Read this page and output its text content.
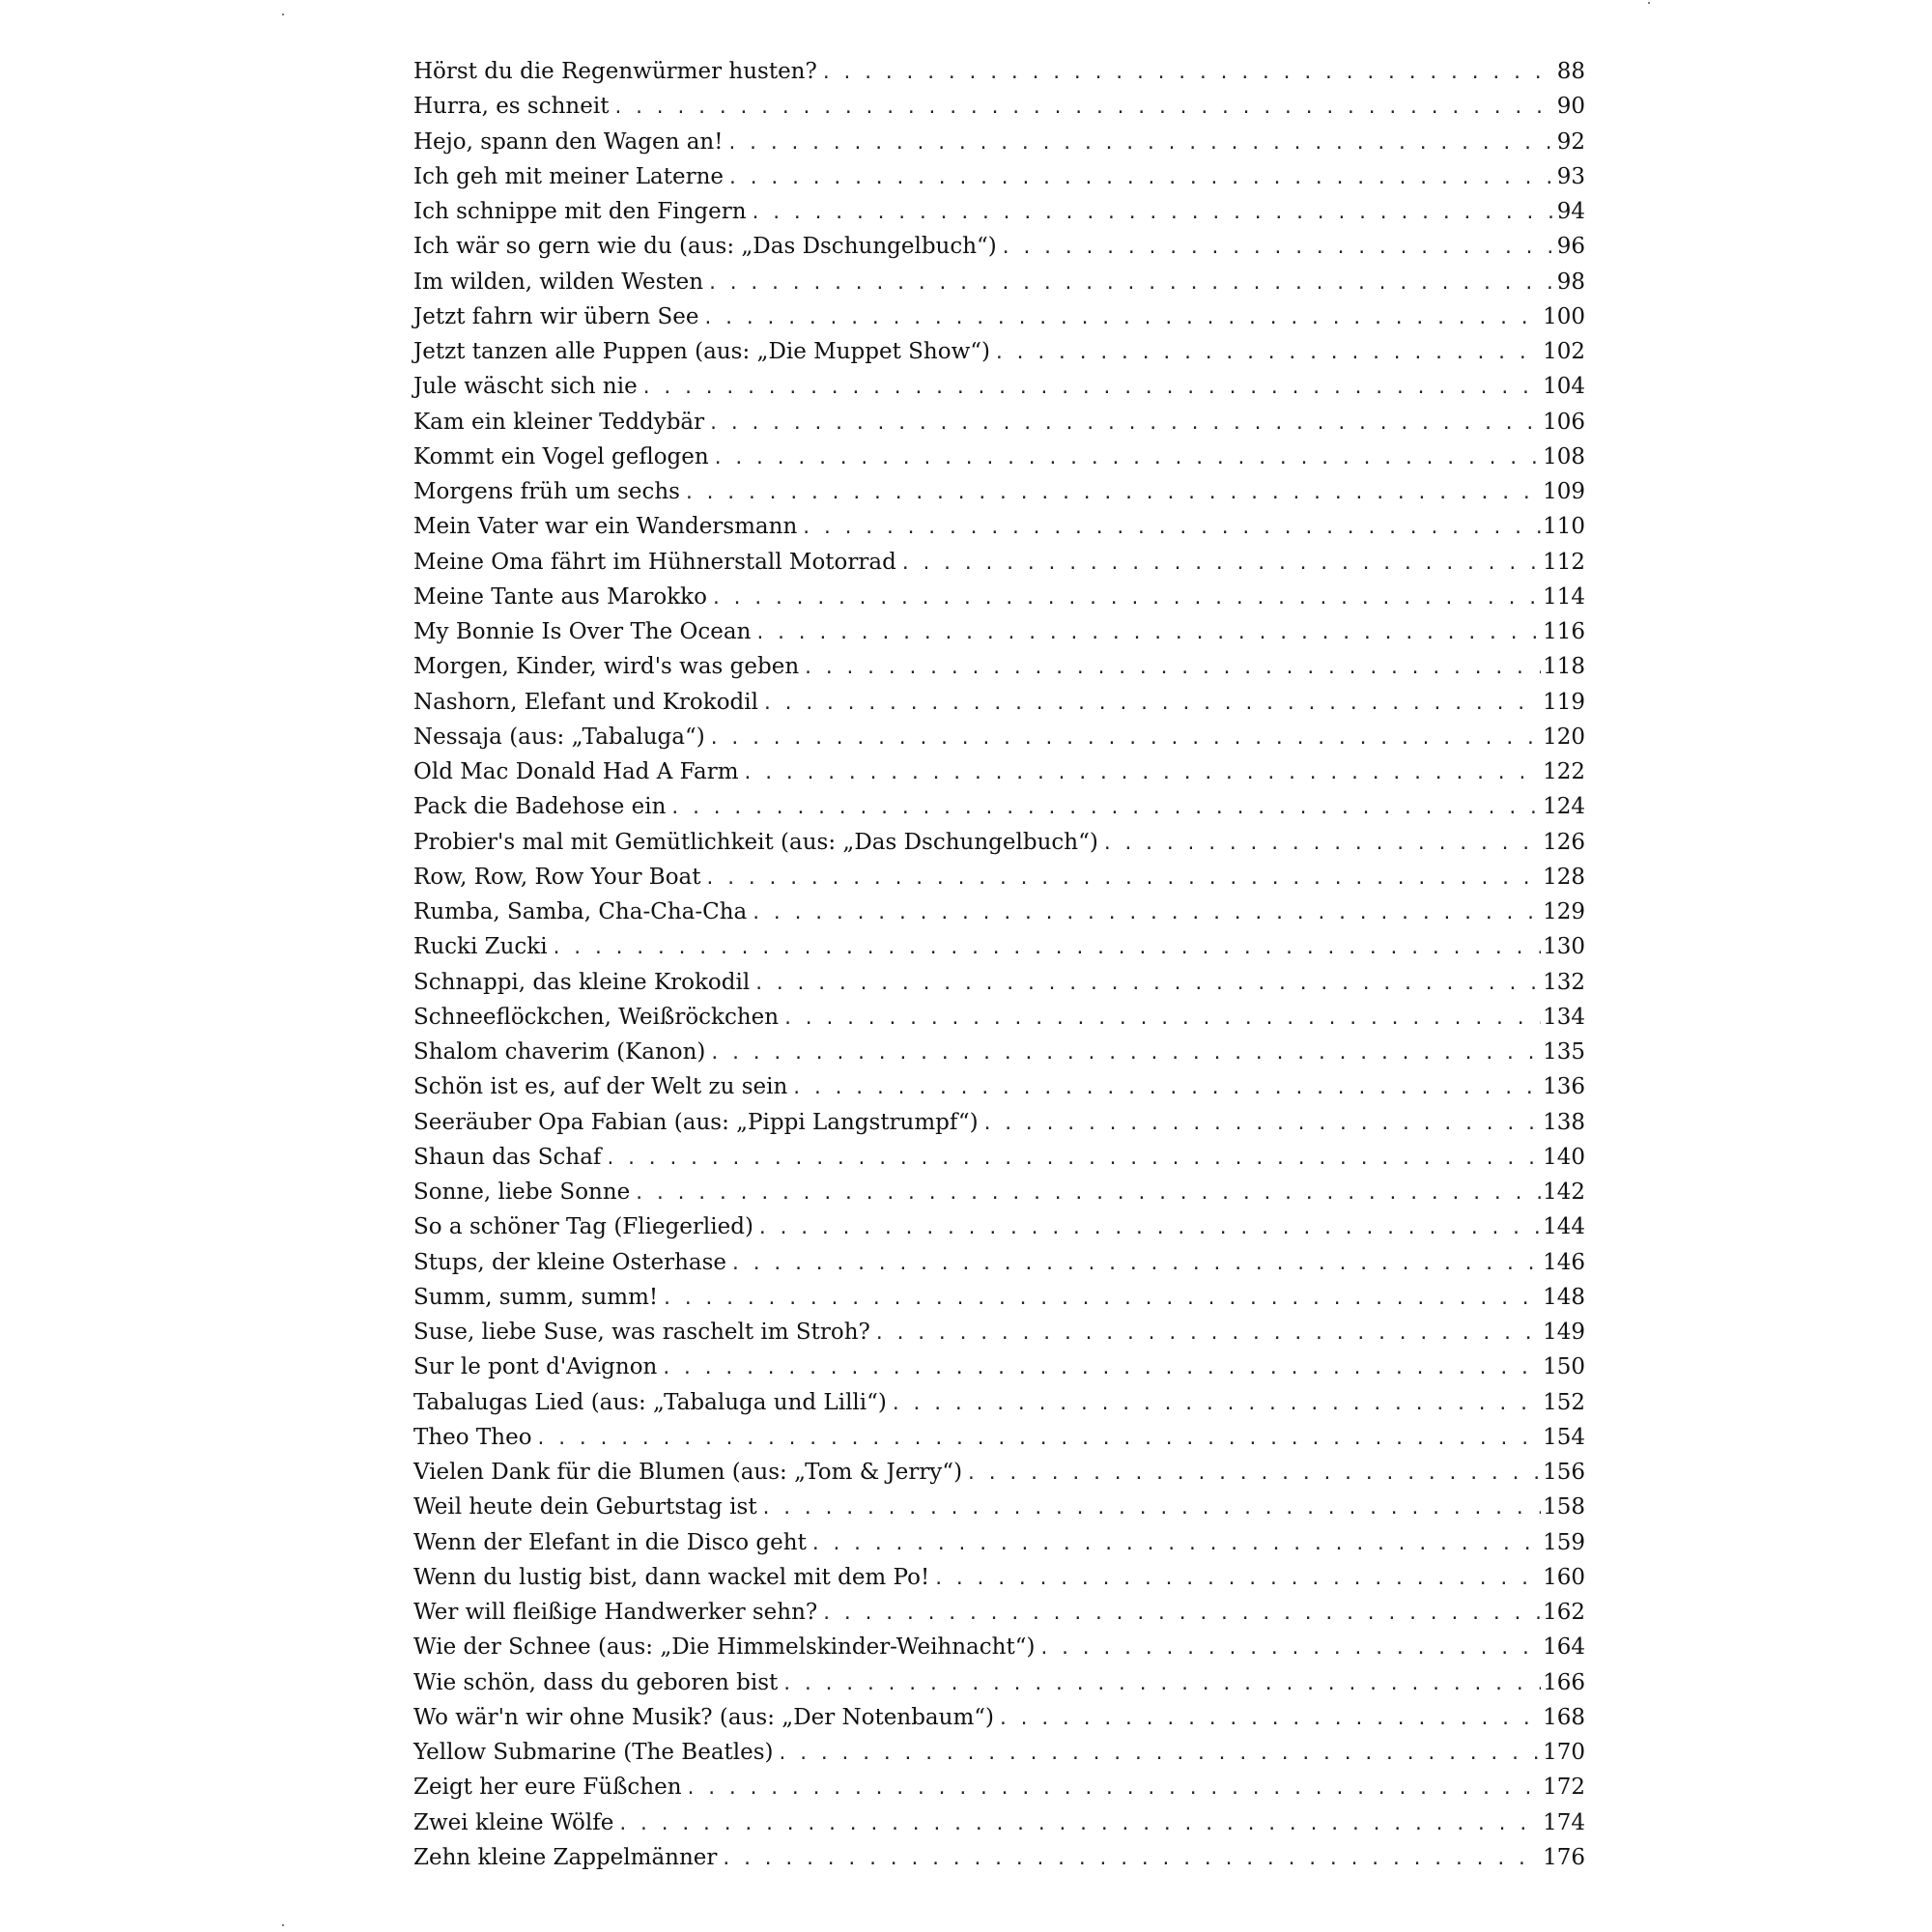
Hörst du die Regenwürmer husten? . . .	88
Hurra, es schneit . . .	90
Hejo, spann den Wagen an! . . .	92
Ich geh mit meiner Laterne . . .	93
Ich schnippe mit den Fingern . . .	94
Ich wär so gern wie du (aus: „Das Dschungelbuch“) . . .	96
Im wilden, wilden Westen . . .	98
Jetzt fahrn wir übern See . . .	100
Jetzt tanzen alle Puppen (aus: „Die Muppet Show“) . . .	102
Jule wäscht sich nie . . .	104
Kam ein kleiner Teddybär . . .	106
Kommt ein Vogel geflogen . . .	108
Morgens früh um sechs . . .	109
Mein Vater war ein Wandersmann . . .	110
Meine Oma fährt im Hühnerstall Motorrad . . .	112
Meine Tante aus Marokko . . .	114
My Bonnie Is Over The Ocean . . .	116
Morgen, Kinder, wird's was geben . . .	118
Nashorn, Elefant und Krokodil . . .	119
Nessaja (aus: „Tabaluga“) . . .	120
Old Mac Donald Had A Farm . . .	122
Pack die Badehose ein . . .	124
Probier's mal mit Gemütlichkeit (aus: „Das Dschungelbuch“) . . .	126
Row, Row, Row Your Boat . . .	128
Rumba, Samba, Cha-Cha-Cha . . .	129
Rucki Zucki . . .	130
Schnappi, das kleine Krokodil . . .	132
Schneeflöckchen, Weißröckchen . . .	134
Shalom chaverim (Kanon) . . .	135
Schön ist es, auf der Welt zu sein . . .	136
Seeräuber Opa Fabian (aus: „Pippi Langstrumpf“) . . .	138
Shaun das Schaf . . .	140
Sonne, liebe Sonne . . .	142
So a schöner Tag (Fliegerlied) . . .	144
Stups, der kleine Osterhase . . .	146
Summ, summ, summ! . . .	148
Suse, liebe Suse, was raschelt im Stroh? . . .	149
Sur le pont d'Avignon . . .	150
Tabalugas Lied (aus: „Tabaluga und Lilli“) . . .	152
Theo Theo . . .	154
Vielen Dank für die Blumen (aus: „Tom & Jerry“) . . .	156
Weil heute dein Geburtstag ist . . .	158
Wenn der Elefant in die Disco geht . . .	159
Wenn du lustig bist, dann wackel mit dem Po! . . .	160
Wer will fleißige Handwerker sehn? . . .	162
Wie der Schnee (aus: „Die Himmelskinder-Weihnacht“) . . .	164
Wie schön, dass du geboren bist . . .	166
Wo wär'n wir ohne Musik? (aus: „Der Notenbaum“) . . .	168
Yellow Submarine (The Beatles) . . .	170
Zeigt her eure Füßchen . . .	172
Zwei kleine Wölfe . . .	174
Zehn kleine Zappelmänner . . .	176
